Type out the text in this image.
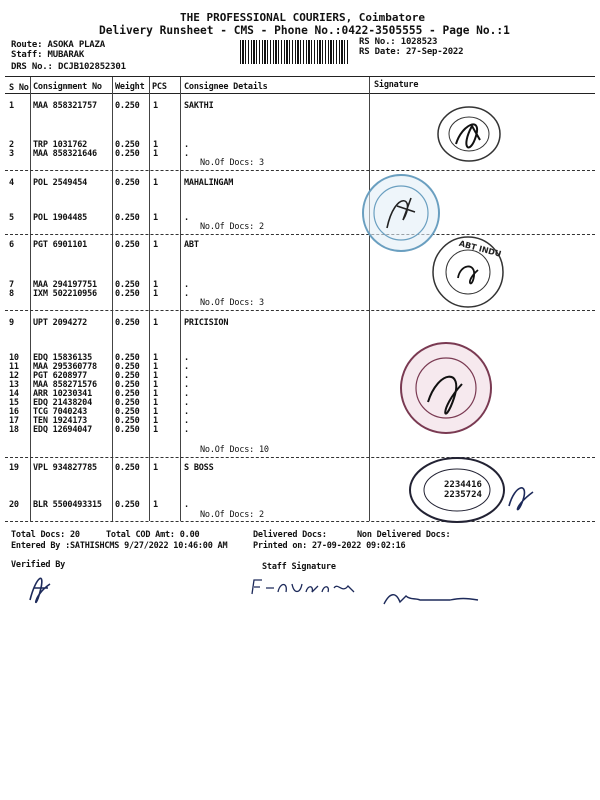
THE PROFESSIONAL COURIERS, Coimbatore
Delivery Runsheet - CMS - Phone No.:0422-3505555 - Page No.:1
Route: ASOKA PLAZA
Staff: MUBARAK
DRS No.: DCJB102852301
RS No.: 1028523
RS Date: 27-Sep-2022
S No Consignment No Weight PCS Consignee Details	Signature
1 MAA 858321757 0.250 1	SAKTHI
2 TRP 1031762	0.250 1	.
3 MAA 858321646 0.250 1	.
No.Of Docs: 3
4 POL 2549454	0.250 1	MAHALINGAM
5 POL 1904485	0.250 1	.
No.Of Docs: 2
6 PGT 6901101	0.250 1	ABT
7 MAA 294197751 0.250 1	.
8 IXM 502210956 0.250 1	.
No.Of Docs: 3
9 UPT 2094272	0.250 1	PRICISION
10 EDQ 15836135	0.250 1	.
11 MAA 295360778 0.250 1	.
12 PGT 6208977	0.250 1	.
13 MAA 858271576 0.250 1	.
14 ARR 10230341	0.250 1	.
15 EDQ 21438204	0.250 1	.
16 TCG 7040243	0.250 1	.
17 TEN 1924173	0.250 1	.
18 EDQ 12694047	0.250 1	.
No.Of Docs: 10
19 VPL 934827785 0.250 1	S BOSS
20 BLR 5500493315 0.250 1	.
No.Of Docs: 2
ABT INDU
2234416
2235724
Total Docs: 20	Total COD Amt: 0.00	Delivered Docs:	Non Delivered Docs:
Entered By :SATHISHCMS 9/27/2022 10:46:00 AM	Printed on: 27-09-2022 09:02:16
Verified By	Staff Signature
